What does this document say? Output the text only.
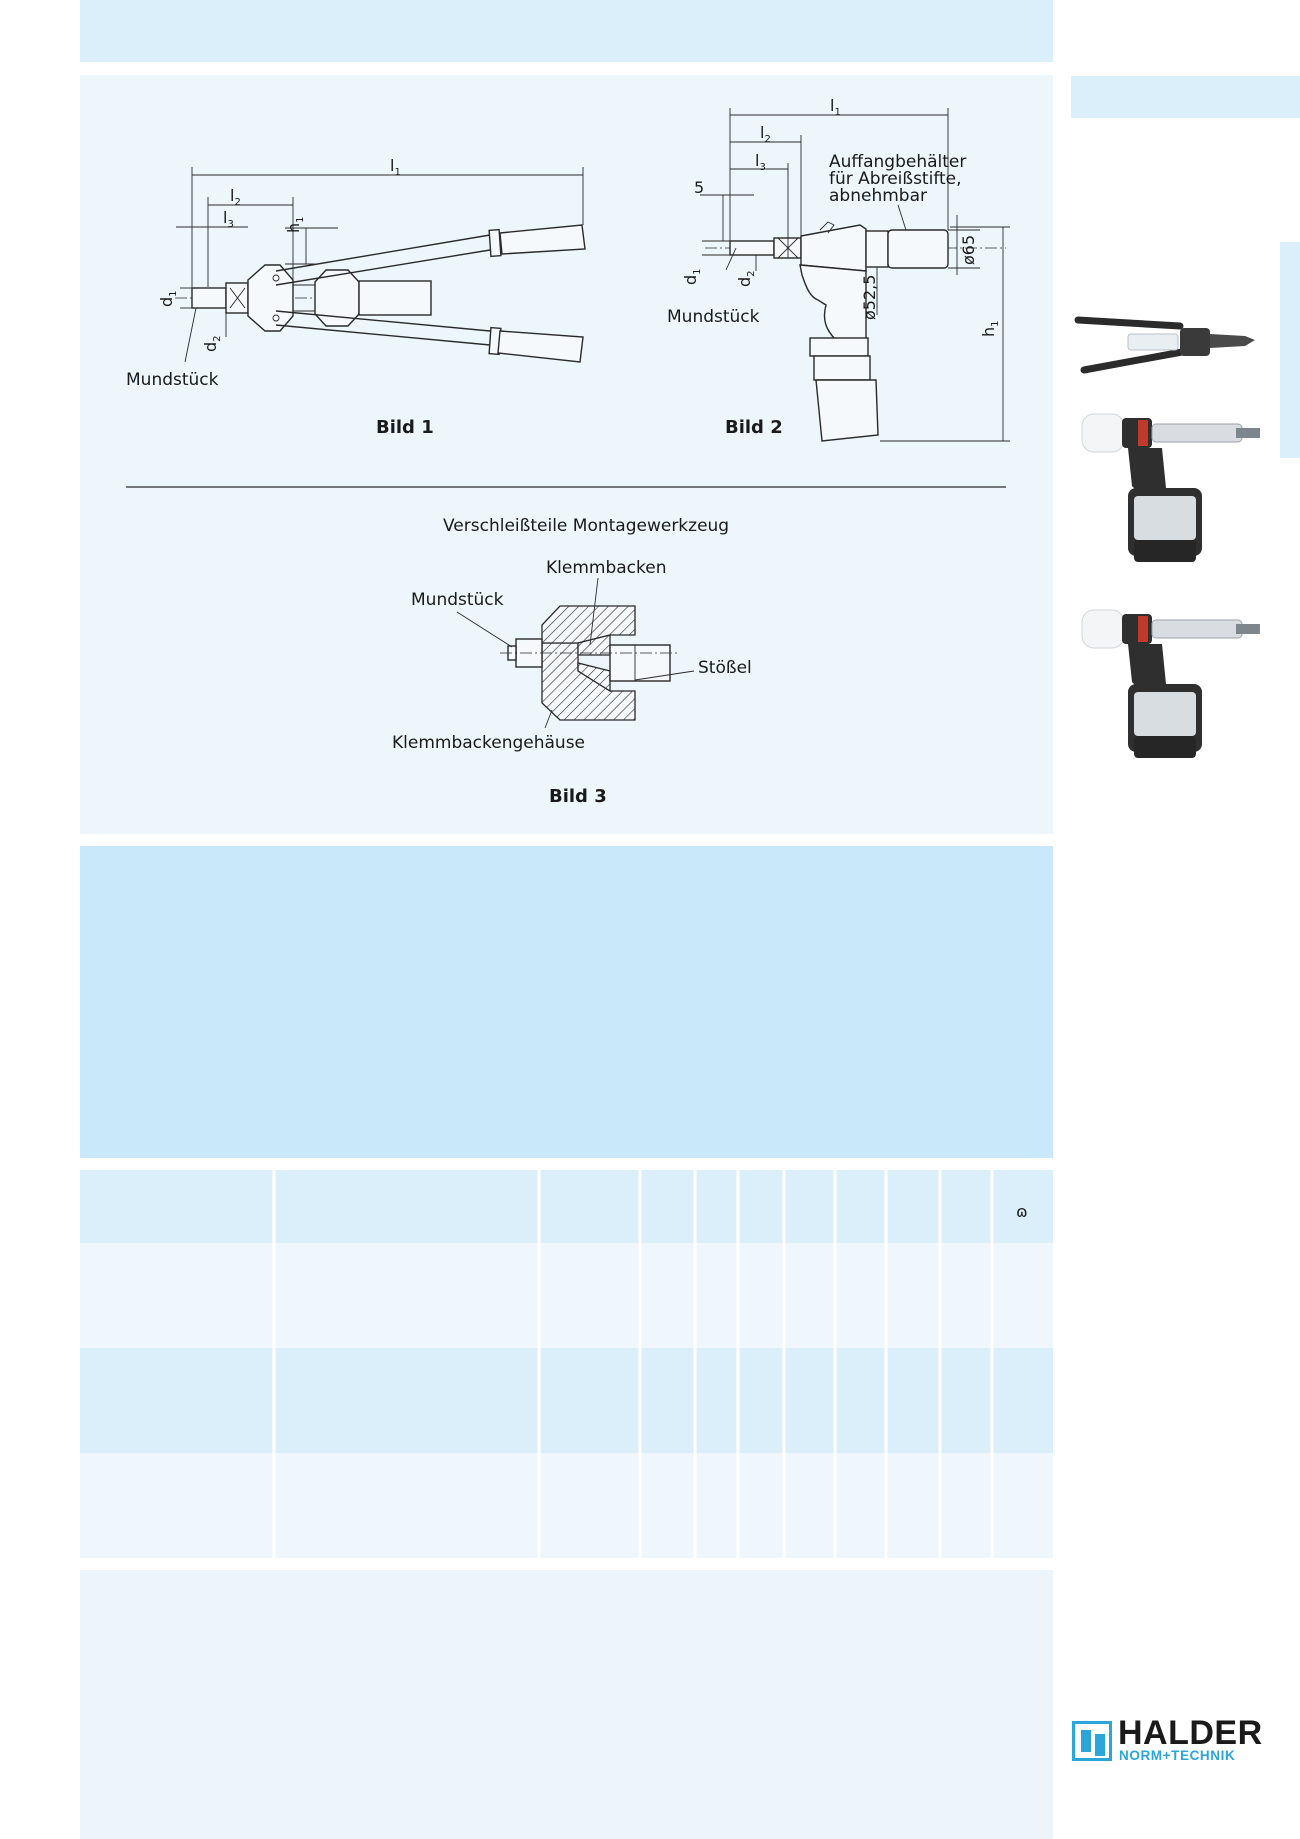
$l_1$
$l_2$
$l_3$	$h_1$
$d_1$
$d_2$
Mundstück
Bild 1
$l_1$
$l_2$
$l_3$
5
$d_1$
$d_2$
ø52,5
ø65
$h_1$
Auffangbehälter
für Abreißstifte,
abnehmbar
Mundstück
Bild 2
Verschleißteile Montagewerkzeug
Klemmbacken
Mundstück
Stößel
Klemmbackengehäuse
Bild 3
ɷ
HALDER
NORM+TECHNIK
